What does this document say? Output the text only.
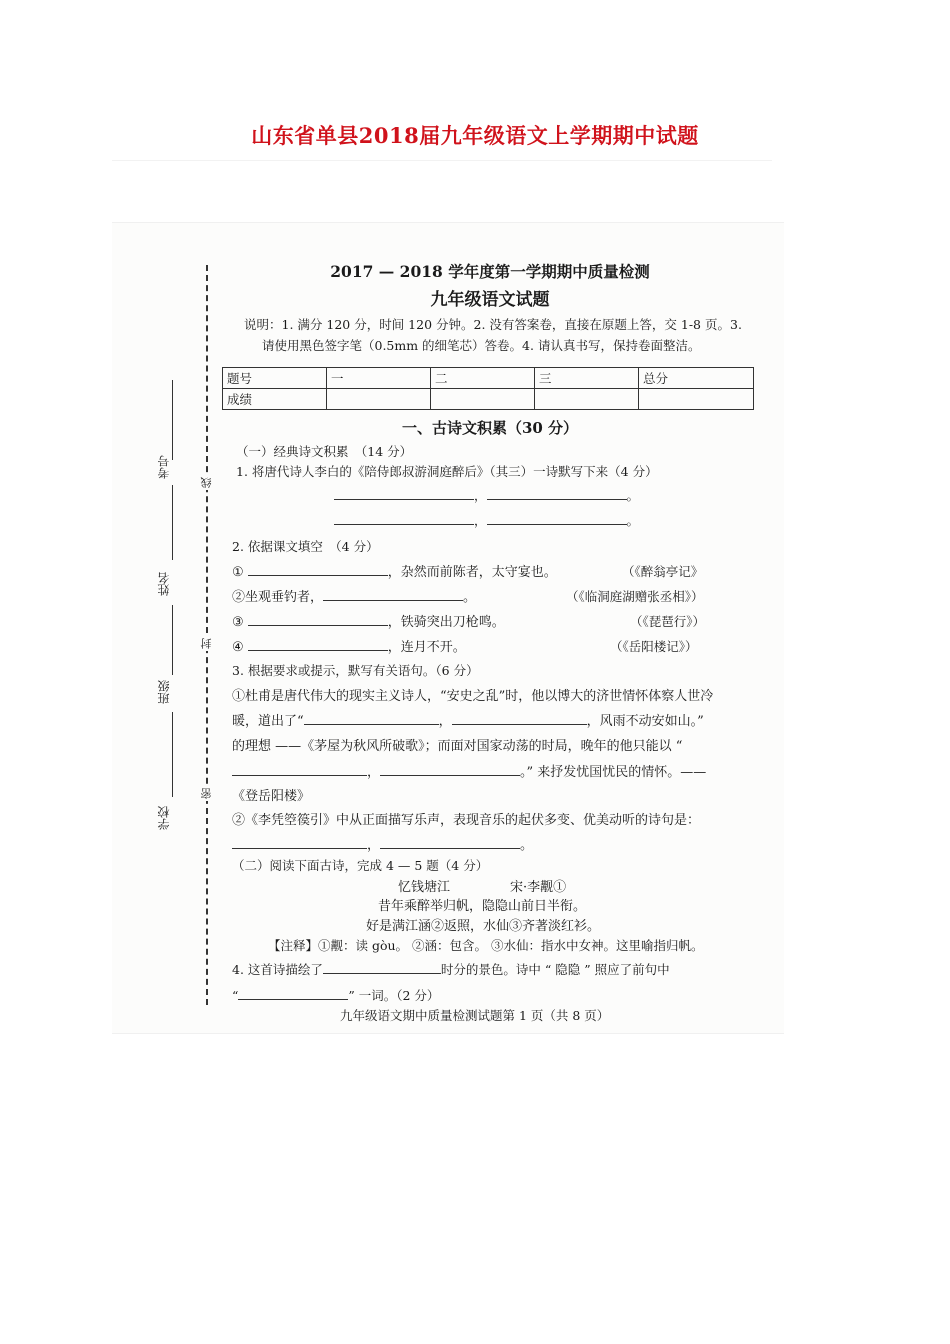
山东省单县2018届九年级语文上学期期中试题
考号
姓名
班级
学校
线
封
密
2017 — 2018 学年度第一学期期中质量检测
九年级语文试题
说明：1. 满分 120 分，时间 120 分钟。2. 没有答案卷，直接在原题上答，交 1-8 页。3.
请使用黑色签字笔（0.5mm 的细笔芯）答卷。4. 请认真书写，保持卷面整洁。
题号	一	二	三	总分
成绩				
一、古诗文积累（30 分）
（一）经典诗文积累　（14 分）
1. 将唐代诗人李白的《陪侍郎叔游洞庭醉后》（其三）一诗默写下来（4 分）
，	。
，	。
2. 依据课文填空　（4 分）
①	，杂然而前陈者，太守宴也。	（《醉翁亭记》
②坐观垂钓者，	。	（《临洞庭湖赠张丞相》）
③	，铁骑突出刀枪鸣。	（《琵琶行》）
④	，连月不开。	（《岳阳楼记》）
3. 根据要求或提示，默写有关语句。（6 分）
①杜甫是唐代伟大的现实主义诗人，“安史之乱”时，他以博大的济世情怀体察人世冷
暖，道出了“	，	，风雨不动安如山。”
的理想 ——《茅屋为秋风所破歌》；而面对国家动荡的时局，晚年的他只能以 “
，	。” 来抒发忧国忧民的情怀。——
《登岳阳楼》
②《李凭箜篌引》中从正面描写乐声，表现音乐的起伏多变、优美动听的诗句是：
，	。
（二）阅读下面古诗，完成 4 — 5 题（4 分）
忆钱塘江	宋·李觏①
昔年乘醉举归帆，隐隐山前日半衔。
好是满江涵②返照，水仙③齐著淡红衫。
【注释】①觏：读 gòu。 ②涵：包含。 ③水仙：指水中女神。这里喻指归帆。
4. 这首诗描绘了	时分的景色。诗中 “ 隐隐 ” 照应了前句中
“	” 一词。（2 分）
九年级语文期中质量检测试题第 1 页（共 8 页）
